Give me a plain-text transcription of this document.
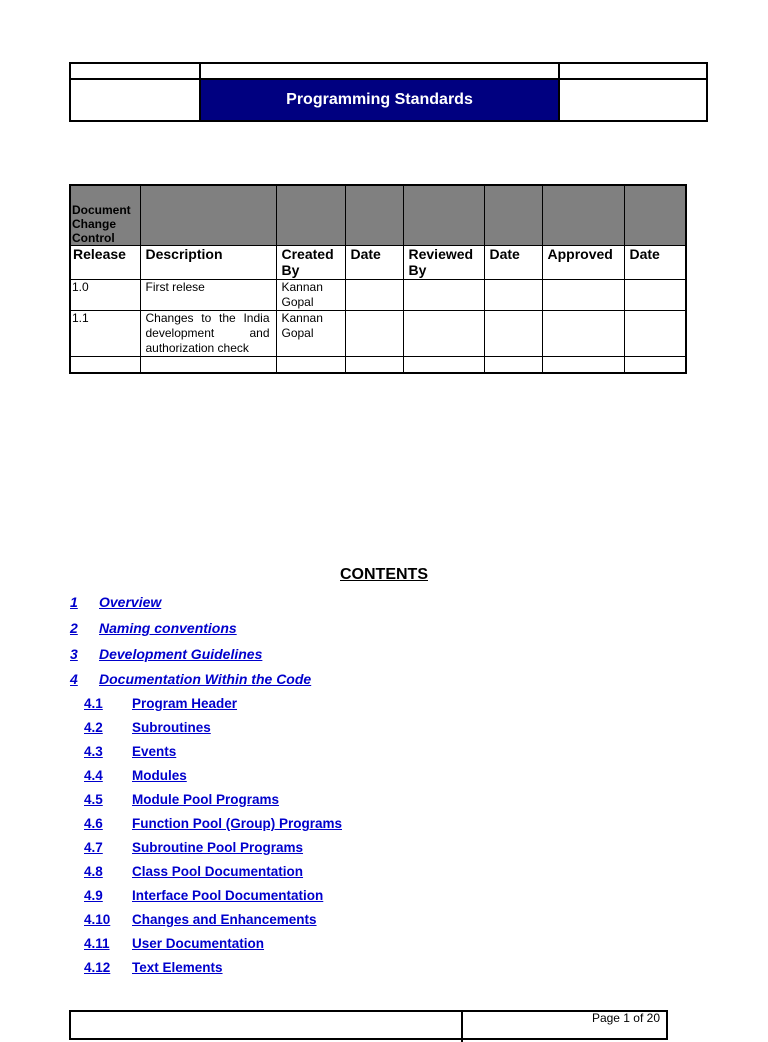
	Programming Standards	
Document
Change
Control							

Release	Description	Created By	Date	Reviewed By	Date	Approved	Date
1.0	First relese	Kannan Gopal					
1.1	Changes to the India development and authorization check	Kannan Gopal					

CONTENTS
1 Overview
2 Naming conventions
3 Development Guidelines
4 Documentation Within the Code
4.1 Program Header
4.2 Subroutines
4.3 Events
4.4 Modules
4.5 Module Pool Programs
4.6 Function Pool (Group) Programs
4.7 Subroutine Pool Programs
4.8 Class Pool Documentation
4.9 Interface Pool Documentation
4.10 Changes and Enhancements
4.11 User Documentation
4.12 Text Elements
Page 1 of 20
